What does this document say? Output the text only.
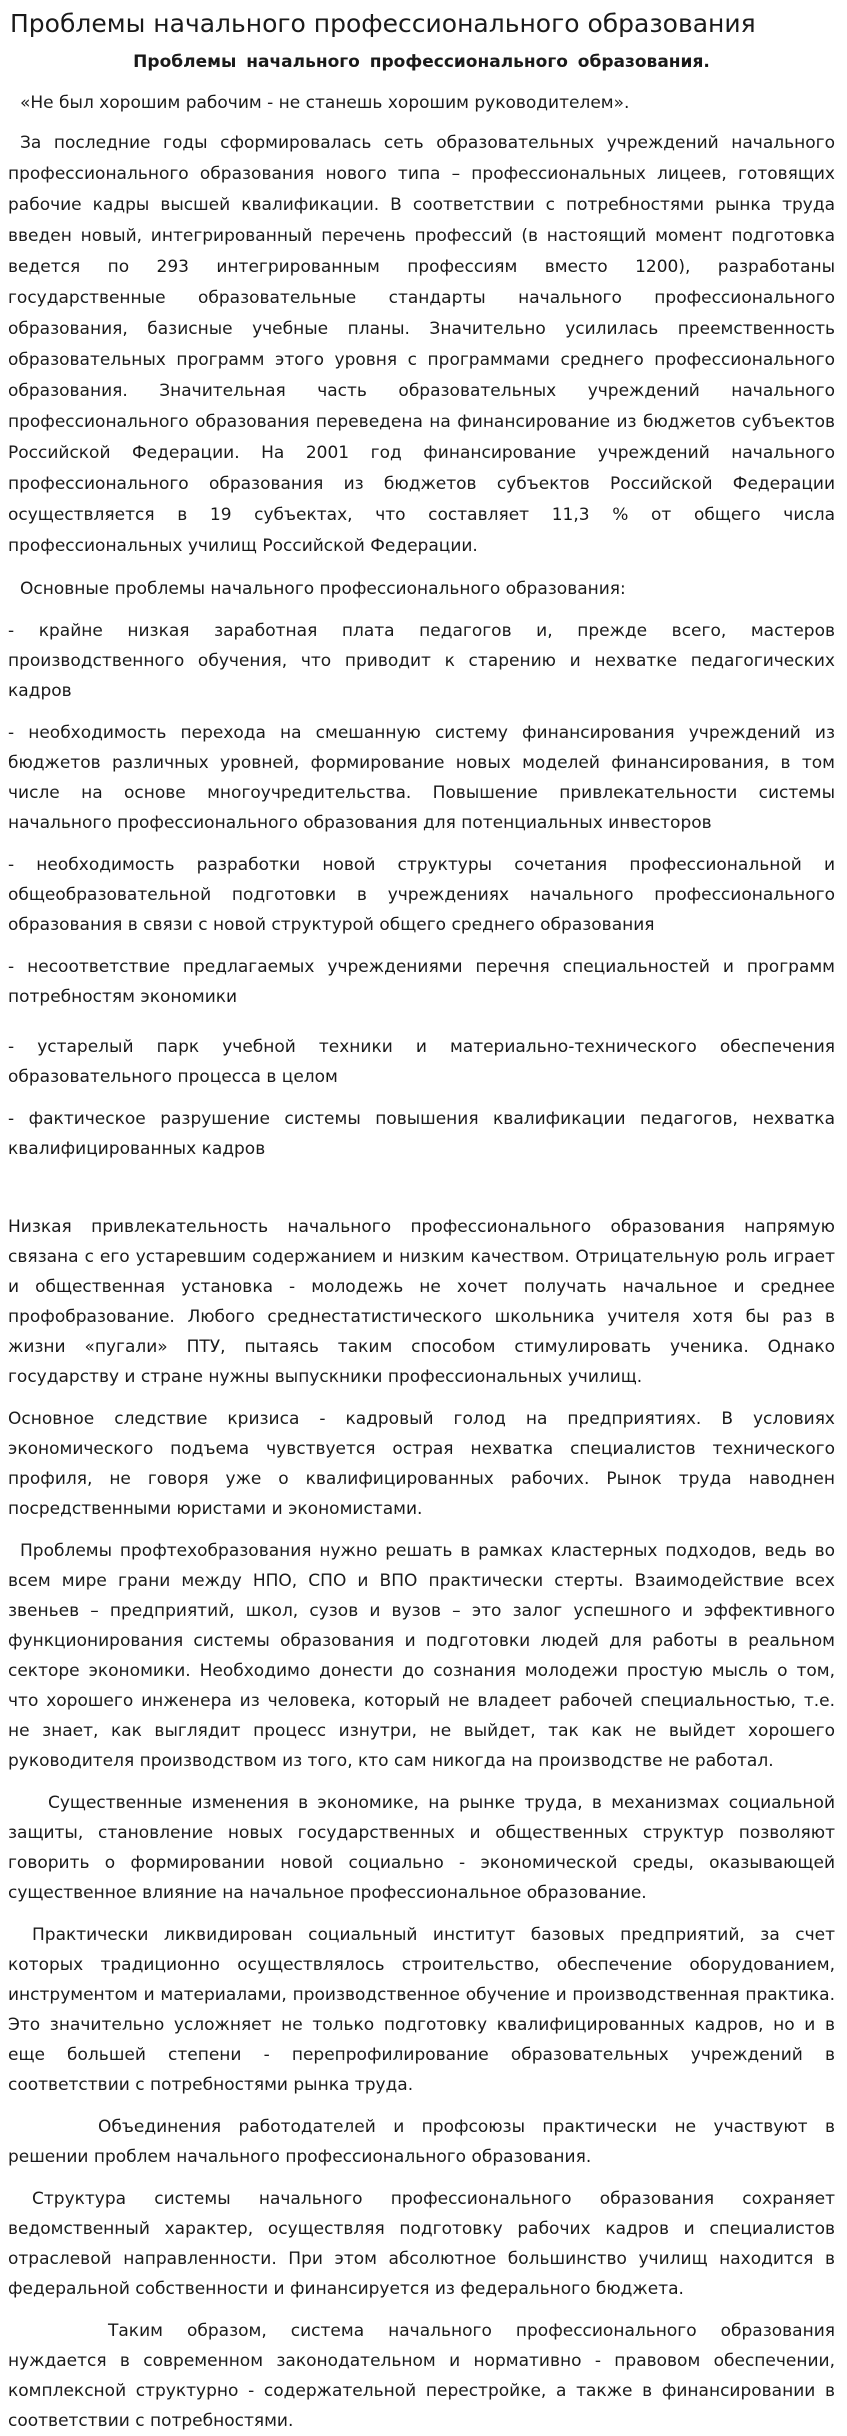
Проблемы начального профессионального образования
Проблемы начального профессионального образования.
«Не был хорошим рабочим - не станешь хорошим руководителем».

За последние годы сформировалась сеть образовательных учреждений начального профессионального образования нового типа – профессиональных лицеев, готовящих рабочие кадры высшей квалификации. В соответствии с потребностями рынка труда введен новый, интегрированный перечень профессий (в настоящий момент подготовка ведется по 293 интегрированным профессиям вместо 1200), разработаны государственные образовательные стандарты начального профессионального образования, базисные учебные планы. Значительно усилилась преемственность образовательных программ этого уровня с программами среднего профессионального образования. Значительная часть образовательных учреждений начального профессионального образования переведена на финансирование из бюджетов субъектов Российской Федерации. На 2001 год финансирование учреждений начального профессионального образования из бюджетов субъектов Российской Федерации осуществляется в 19 субъектах, что составляет 11,3 % от общего числа профессиональных училищ Российской Федерации.

Основные проблемы начального профессионального образования:

- крайне низкая заработная плата педагогов и, прежде всего, мастеров производственного обучения, что приводит к старению и нехватке педагогических кадров

- необходимость перехода на смешанную систему финансирования учреждений из бюджетов различных уровней, формирование новых моделей финансирования, в том числе на основе многоучредительства. Повышение привлекательности системы начального профессионального образования для потенциальных инвесторов

- необходимость разработки новой структуры сочетания профессиональной и общеобразовательной подготовки в учреждениях начального профессионального образования в связи с новой структурой общего среднего образования

- несоответствие предлагаемых учреждениями перечня специальностей и программ потребностям экономики

- устарелый парк учебной техники и материально-технического обеспечения образовательного процесса в целом

- фактическое разрушение системы повышения квалификации педагогов, нехватка квалифицированных кадров

Низкая привлекательность начального профессионального образования напрямую связана с его устаревшим содержанием и низким качеством. Отрицательную роль играет и общественная установка - молодежь не хочет получать начальное и среднее профобразование. Любого среднестатистического школьника учителя хотя бы раз в жизни «пугали» ПТУ, пытаясь таким способом стимулировать ученика. Однако государству и стране нужны выпускники профессиональных училищ.

Основное следствие кризиса - кадровый голод на предприятиях. В условиях экономического подъема чувствуется острая нехватка специалистов технического профиля, не говоря уже о квалифицированных рабочих. Рынок труда наводнен посредственными юристами и экономистами.

Проблемы профтехобразования нужно решать в рамках кластерных подходов, ведь во всем мире грани между НПО, СПО и ВПО практически стерты. Взаимодействие всех звеньев – предприятий, школ, сузов и вузов – это залог успешного и эффективного функционирования системы образования и подготовки людей для работы в реальном секторе экономики. Необходимо донести до сознания молодежи простую мысль о том, что хорошего инженера из человека, который не владеет рабочей специальностью, т.е. не знает, как выглядит процесс изнутри, не выйдет, так как не выйдет хорошего руководителя производством из того, кто сам никогда на производстве не работал.

Существенные изменения в экономике, на рынке труда, в механизмах социальной защиты, становление новых государственных и общественных структур позволяют говорить о формировании новой социально - экономической среды, оказывающей существенное влияние на начальное профессиональное образование.

Практически ликвидирован социальный институт базовых предприятий, за счет которых традиционно осуществлялось строительство, обеспечение оборудованием, инструментом и материалами, производственное обучение и производственная практика. Это значительно усложняет не только подготовку квалифицированных кадров, но и в еще большей степени - перепрофилирование образовательных учреждений в соответствии с потребностями рынка труда.

Объединения работодателей и профсоюзы практически не участвуют в решении проблем начального профессионального образования.

Структура системы начального профессионального образования сохраняет ведомственный характер, осуществляя подготовку рабочих кадров и специалистов отраслевой направленности. При этом абсолютное большинство училищ находится в федеральной собственности и финансируется из федерального бюджета.

Таким образом, система начального профессионального образования нуждается в современном законодательном и нормативно - правовом обеспечении, комплексной структурно - содержательной перестройке, а также в финансировании в соответствии с потребностями.
